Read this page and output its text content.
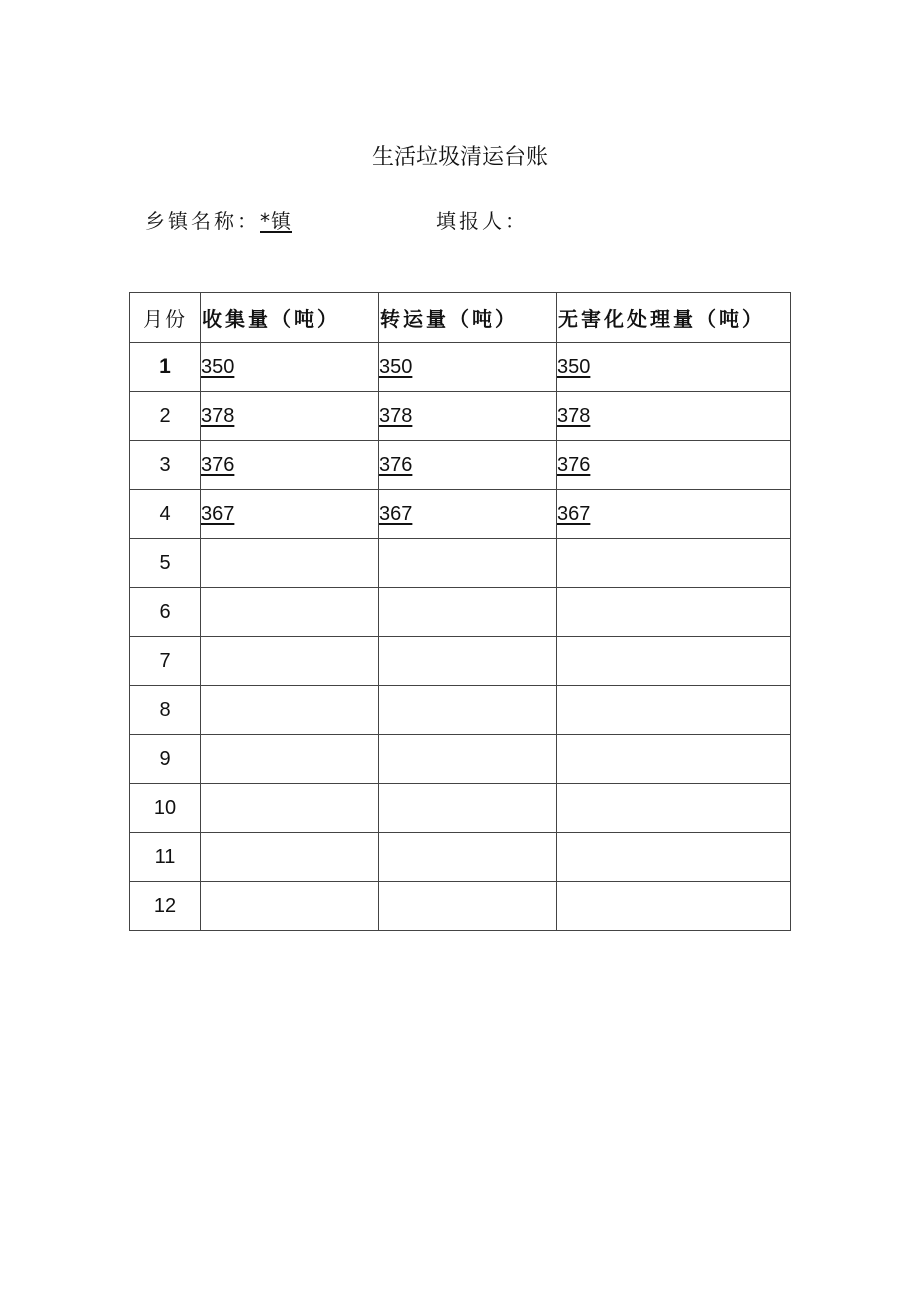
生活垃圾清运台账
乡镇名称：*镇	填报人：
月份	收集量（吨）	转运量（吨）	无害化处理量（吨）
1	350	350	350
2	378	378	378
3	376	376	376
4	367	367	367
5			
6			
7			
8			
9			
10			
11			
12			
